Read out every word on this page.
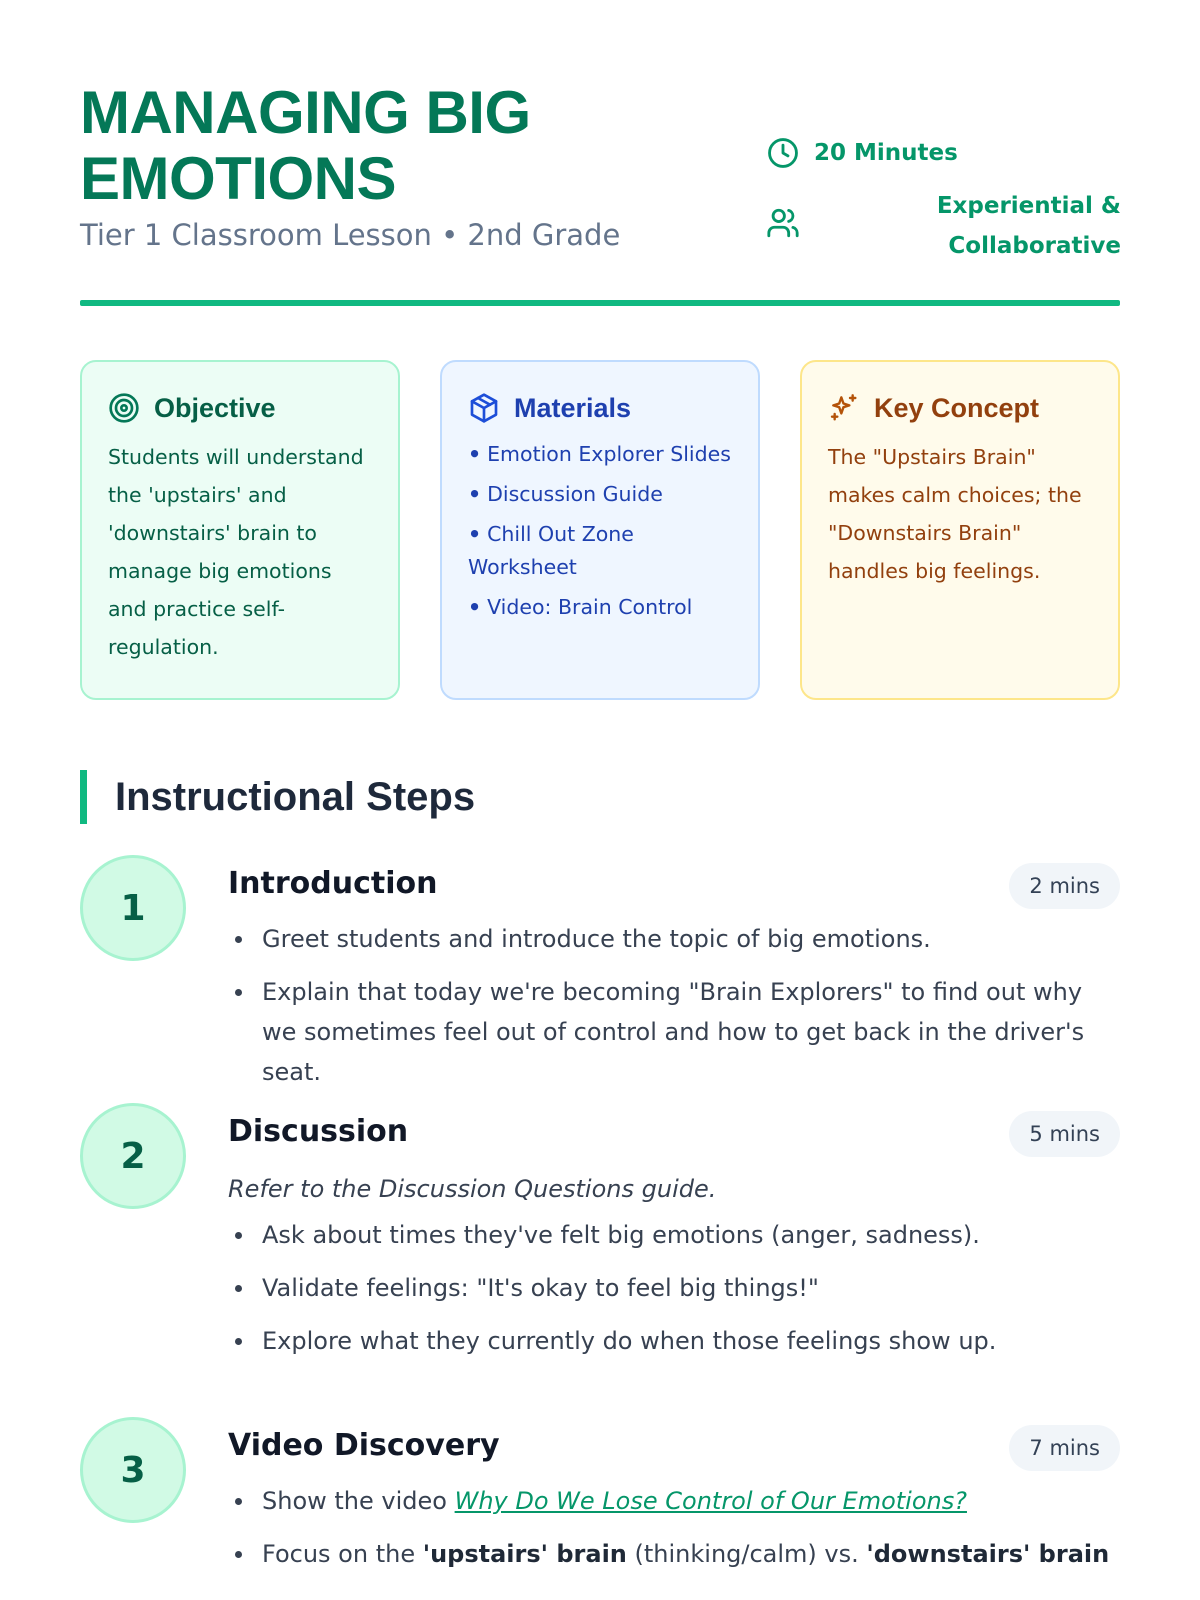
MANAGING BIG EMOTIONS
Tier 1 Classroom Lesson • 2nd Grade
20 Minutes
Experiential & Collaborative
Objective

Students will understand the 'upstairs' and 'downstairs' brain to manage big emotions and practice self-regulation.

Materials
• Emotion Explorer Slides
• Discussion Guide
• Chill Out Zone Worksheet
• Video: Brain Control
Key Concept

The "Upstairs Brain" makes calm choices; the "Downstairs Brain" handles big feelings.

Instructional Steps
1
Introduction	2 mins
Greet students and introduce the topic of big emotions.
Explain that today we're becoming "Brain Explorers" to find out why we sometimes feel out of control and how to get back in the driver's seat.
2
Discussion	5 mins

Refer to the Discussion Questions guide.

Ask about times they've felt big emotions (anger, sadness).
Validate feelings: "It's okay to feel big things!"
Explore what they currently do when those feelings show up.
3
Video Discovery	7 mins
Show the video Why Do We Lose Control of Our Emotions?
Focus on the 'upstairs' brain (thinking/calm) vs. 'downstairs' brain
